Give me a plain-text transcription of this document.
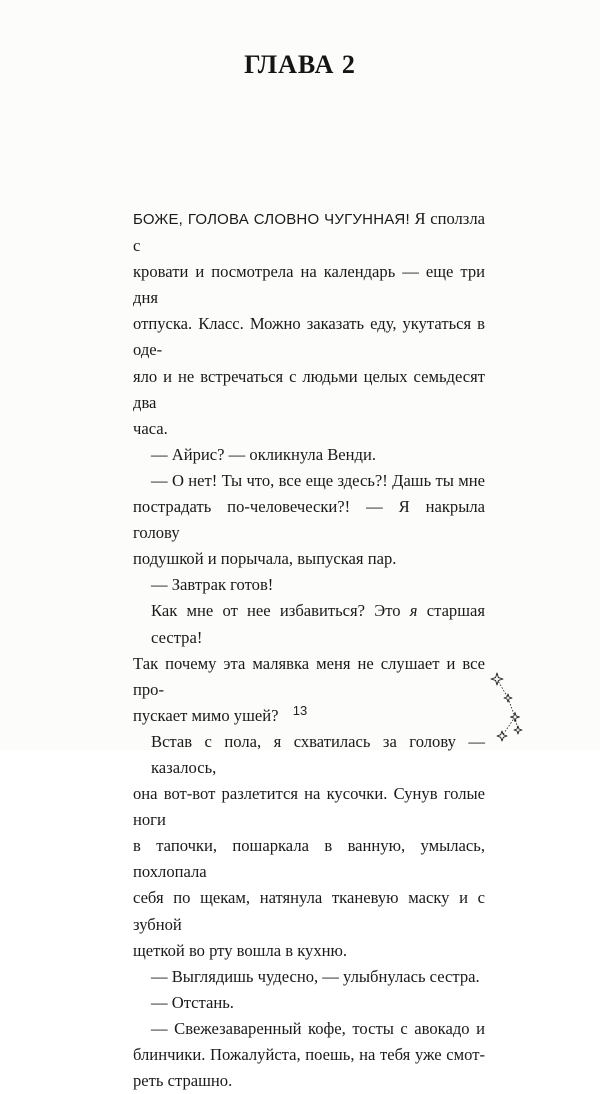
ГЛАВА 2
БОЖЕ, ГОЛОВА СЛОВНО ЧУГУННАЯ! Я сползла с
кровати и посмотрела на календарь — еще три дня
отпуска. Класс. Можно заказать еду, укутаться в оде-
яло и не встречаться с людьми целых семьдесят два
часа.
— Айрис? — окликнула Венди.
— О нет! Ты что, все еще здесь?! Дашь ты мне
пострадать по-человечески?! — Я накрыла голову
подушкой и порычала, выпуская пар.
— Завтрак готов!
Как мне от нее избавиться? Это я старшая сестра!
Так почему эта малявка меня не слушает и все про-
пускает мимо ушей?
Встав с пола, я схватилась за голову — казалось,
она вот-вот разлетится на кусочки. Сунув голые ноги
в тапочки, пошаркала в ванную, умылась, похлопала
себя по щекам, натянула тканевую маску и с зубной
щеткой во рту вошла в кухню.
— Выглядишь чудесно, — улыбнулась сестра.
— Отстань.
— Свежезаваренный кофе, тосты с авокадо и
блинчики. Пожалуйста, поешь, на тебя уже смот-
реть страшно.
13
